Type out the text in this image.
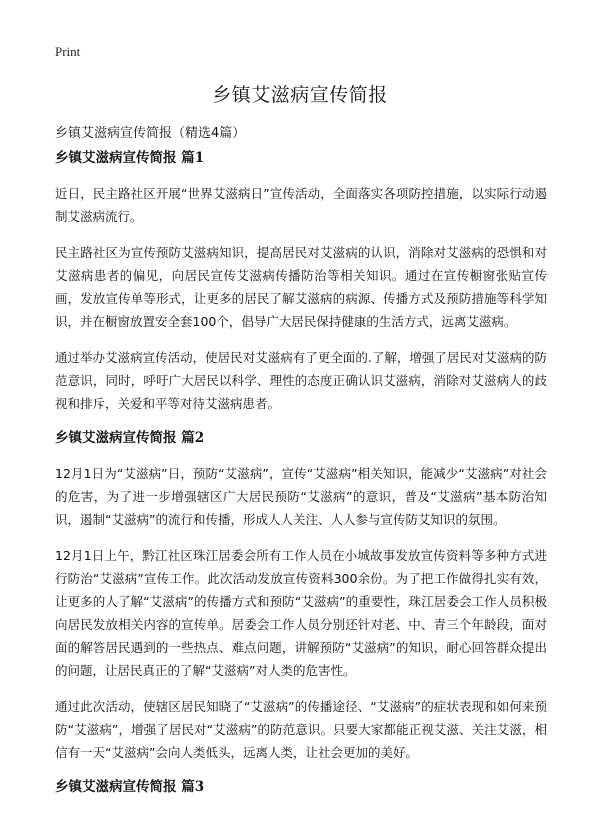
Print
乡镇艾滋病宣传简报

乡镇艾滋病宣传简报（精选4篇）

乡镇艾滋病宣传简报 篇1

近日，民主路社区开展“世界艾滋病日”宣传活动，全面落实各项防控措施，以实际行动遏制艾滋病流行。

民主路社区为宣传预防艾滋病知识，提高居民对艾滋病的认识，消除对艾滋病的恐惧和对艾滋病患者的偏见，向居民宣传艾滋病传播防治等相关知识。通过在宣传橱窗张贴宣传画，发放宣传单等形式，让更多的居民了解艾滋病的病源、传播方式及预防措施等科学知识，并在橱窗放置安全套100个，倡导广大居民保持健康的生活方式，远离艾滋病。

通过举办艾滋病宣传活动，使居民对艾滋病有了更全面的.了解，增强了居民对艾滋病的防范意识，同时，呼吁广大居民以科学、理性的态度正确认识艾滋病，消除对艾滋病人的歧视和排斥，关爱和平等对待艾滋病患者。

乡镇艾滋病宣传简报 篇2

12月1日为“艾滋病”日，预防“艾滋病”，宣传“艾滋病”相关知识，能减少“艾滋病”对社会的危害，为了进一步增强辖区广大居民预防“艾滋病”的意识，普及“艾滋病”基本防治知识，遏制“艾滋病”的流行和传播，形成人人关注、人人参与宣传防艾知识的氛围。

12月1日上午，黔江社区珠江居委会所有工作人员在小城故事发放宣传资料等多种方式进行防治“艾滋病”宣传工作。此次活动发放宣传资料300余份。为了把工作做得扎实有效，让更多的人了解“艾滋病”的传播方式和预防“艾滋病”的重要性，珠江居委会工作人员积极向居民发放相关内容的宣传单。居委会工作人员分别还针对老、中、青三个年龄段，面对面的解答居民遇到的一些热点、难点问题，讲解预防“艾滋病”的知识，耐心回答群众提出的问题，让居民真正的了解“艾滋病”对人类的危害性。

通过此次活动，使辖区居民知晓了“艾滋病”的传播途径、“艾滋病”的症状表现和如何来预防“艾滋病”，增强了居民对“艾滋病”的防范意识。只要大家都能正视艾滋、关注艾滋，相信有一天“艾滋病”会向人类低头，远离人类，让社会更加的美好。

乡镇艾滋病宣传简报 篇3
